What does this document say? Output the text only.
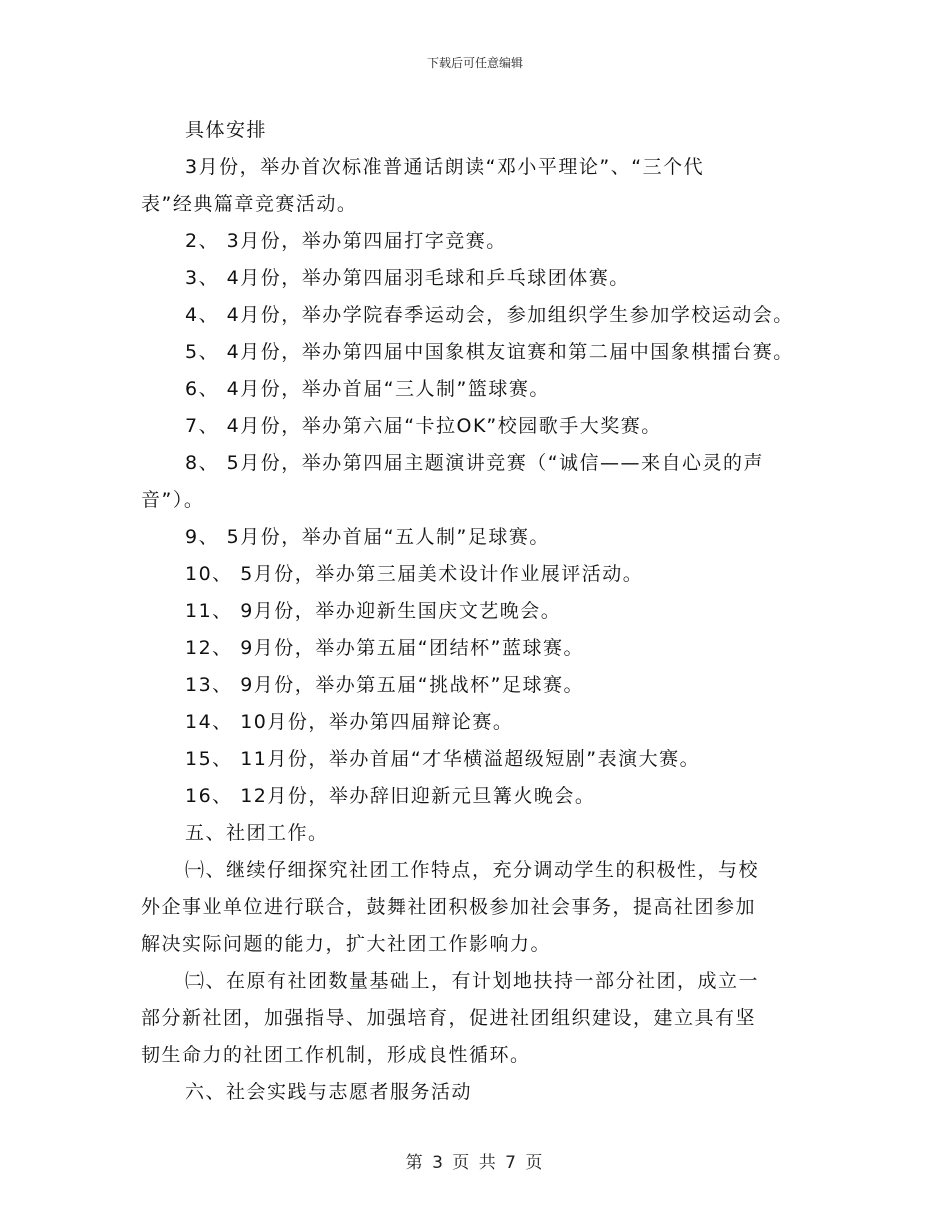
下载后可任意编辑

具体安排

3月份，举办首次标准普通话朗读“邓小平理论”、“三个代

表”经典篇章竞赛活动。

2、 3月份，举办第四届打字竞赛。

3、 4月份，举办第四届羽毛球和乒乓球团体赛。

4、 4月份，举办学院春季运动会，参加组织学生参加学校运动会。

5、 4月份，举办第四届中国象棋友谊赛和第二届中国象棋擂台赛。

6、 4月份，举办首届“三人制”篮球赛。

7、 4月份，举办第六届“卡拉OK”校园歌手大奖赛。

8、 5月份，举办第四届主题演讲竞赛（“诚信——来自心灵的声

音”）。

9、 5月份，举办首届“五人制”足球赛。

10、 5月份，举办第三届美术设计作业展评活动。

11、 9月份，举办迎新生国庆文艺晚会。

12、 9月份，举办第五届“团结杯”蓝球赛。

13、 9月份，举办第五届“挑战杯”足球赛。

14、 10月份，举办第四届辩论赛。

15、 11月份，举办首届“才华横溢超级短剧”表演大赛。

16、 12月份，举办辞旧迎新元旦篝火晚会。

五、社团工作。

㈠、继续仔细探究社团工作特点，充分调动学生的积极性，与校

外企事业单位进行联合，鼓舞社团积极参加社会事务，提高社团参加

解决实际问题的能力，扩大社团工作影响力。

㈡、在原有社团数量基础上，有计划地扶持一部分社团，成立一

部分新社团，加强指导、加强培育，促进社团组织建设，建立具有坚

韧生命力的社团工作机制，形成良性循环。

六、社会实践与志愿者服务活动

第 3 页 共 7 页
